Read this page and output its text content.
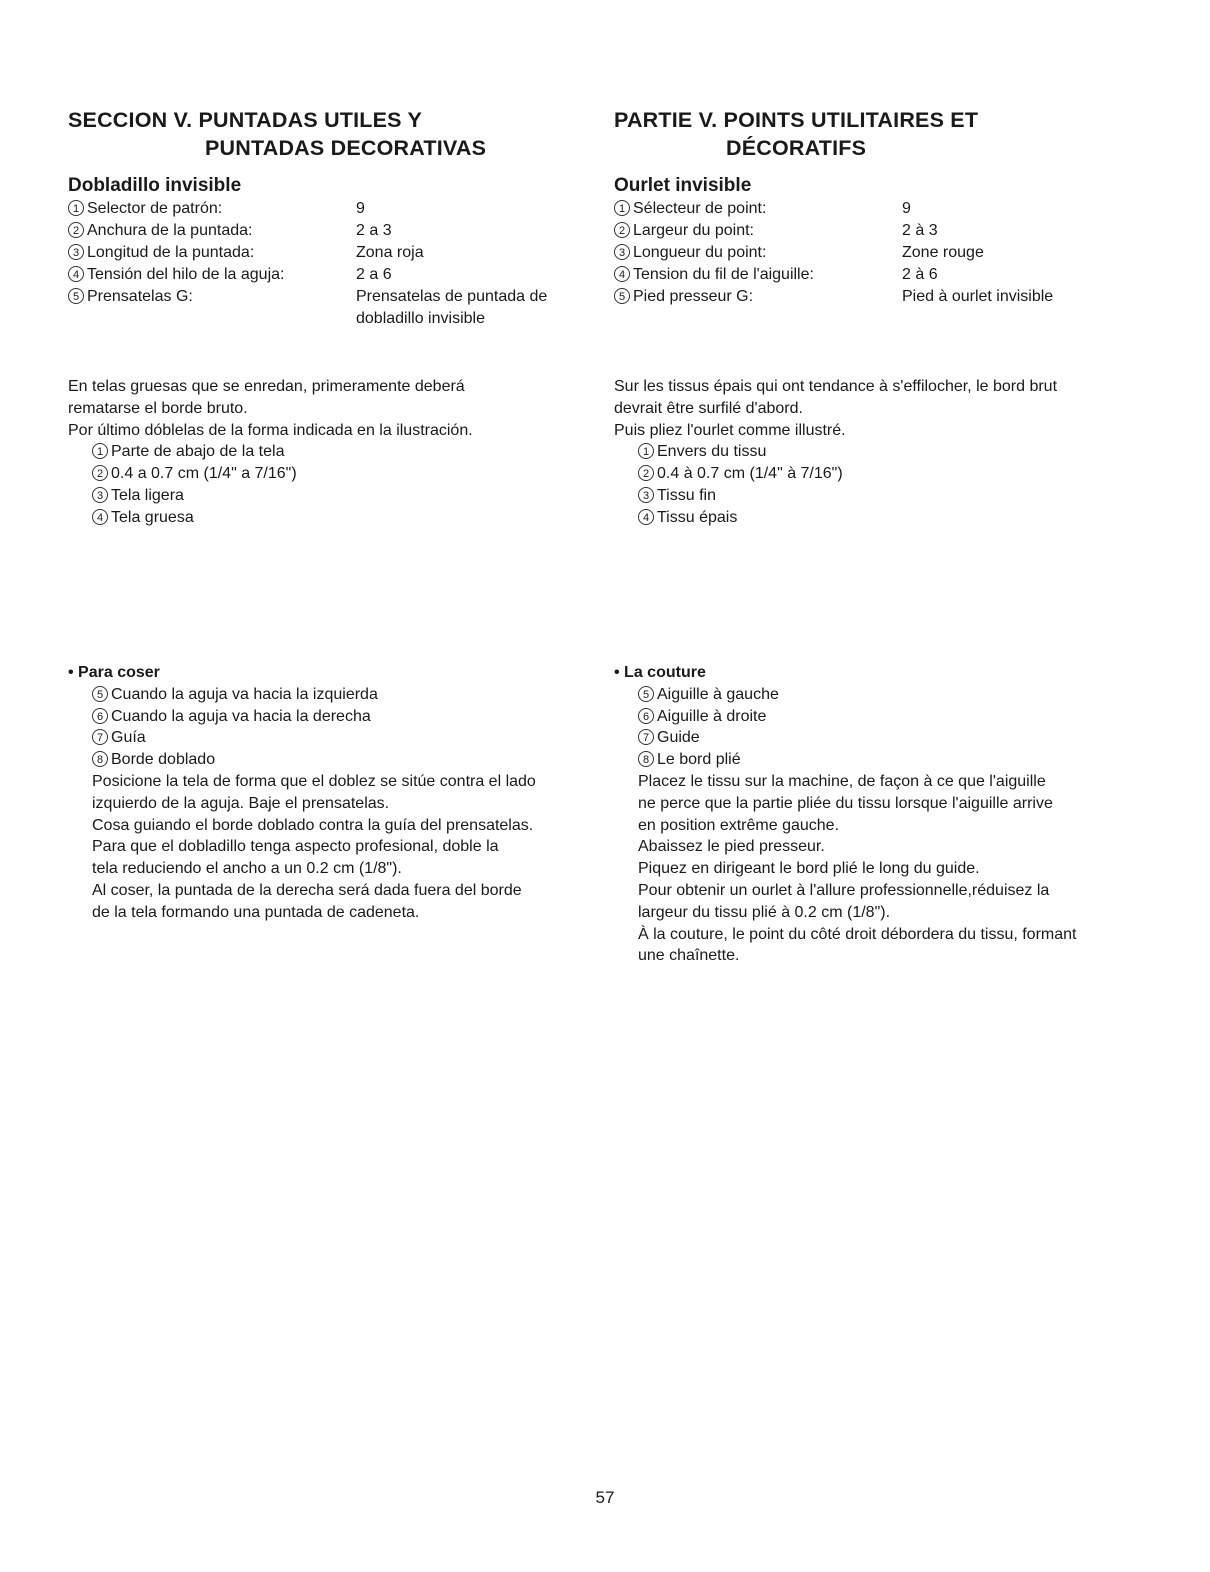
SECCION V. PUNTADAS UTILES Y
PUNTADAS DECORATIVAS
Dobladillo invisible
1 Selector de patrón:	9
2 Anchura de la puntada:	2 a 3
3 Longitud de la puntada:	Zona roja
4 Tensión del hilo de la aguja:	2 a 6
5 Prensatelas G:	Prensatelas de puntada de
dobladillo invisible

En telas gruesas que se enredan, primeramente deberá

rematarse el borde bruto.

Por último dóblelas de la forma indicada en la ilustración.

1 Parte de abajo de la tela
2 0.4 a 0.7 cm (1/4" a 7/16")
3 Tela ligera
4 Tela gruesa

• Para coser

5 Cuando la aguja va hacia la izquierda
6 Cuando la aguja va hacia la derecha
7 Guía
8 Borde doblado

Posicione la tela de forma que el doblez se sitúe contra el lado

izquierdo de la aguja. Baje el prensatelas.

Cosa guiando el borde doblado contra la guía del prensatelas.

Para que el dobladillo tenga aspecto profesional, doble la

tela reduciendo el ancho a un 0.2 cm (1/8").

Al coser, la puntada de la derecha será dada fuera del borde

de la tela formando una puntada de cadeneta.

PARTIE V. POINTS UTILITAIRES ET
DÉCORATIFS
Ourlet invisible
1 Sélecteur de point:	9
2 Largeur du point:	2 à 3
3 Longueur du point:	Zone rouge
4 Tension du fil de l'aiguille:	2 à 6
5 Pied presseur G:	Pied à ourlet invisible

Sur les tissus épais qui ont tendance à s'effilocher, le bord brut

devrait être surfilé d'abord.

Puis pliez l'ourlet comme illustré.

1 Envers du tissu
2 0.4 à 0.7 cm (1/4" à 7/16")
3 Tissu fin
4 Tissu épais

• La couture

5 Aiguille à gauche
6 Aiguille à droite
7 Guide
8 Le bord plié

Placez le tissu sur la machine, de façon à ce que l'aiguille

ne perce que la partie pliée du tissu lorsque l'aiguille arrive

en position extrême gauche.

Abaissez le pied presseur.

Piquez en dirigeant le bord plié le long du guide.

Pour obtenir un ourlet à l'allure professionnelle,réduisez la

largeur du tissu plié à 0.2 cm (1/8").

À la couture, le point du côté droit débordera du tissu, formant

une chaînette.

57
